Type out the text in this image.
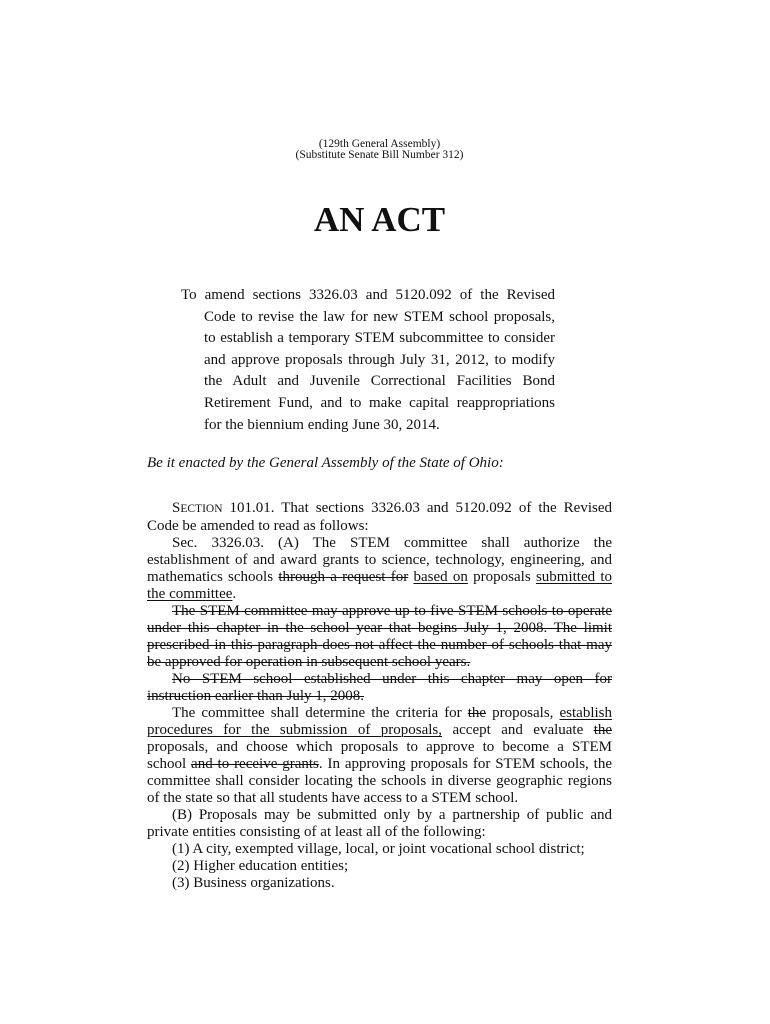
(129th General Assembly)
(Substitute Senate Bill Number 312)
AN ACT
To amend sections 3326.03 and 5120.092 of the Revised
Code to revise the law for new STEM school proposals,
to establish a temporary STEM subcommittee to consider
and approve proposals through July 31, 2012, to modify
the Adult and Juvenile Correctional Facilities Bond
Retirement Fund, and to make capital reappropriations
for the biennium ending June 30, 2014.
Be it enacted by the General Assembly of the State of Ohio:
SECTION 101.01. That sections 3326.03 and 5120.092 of the Revised
Code be amended to read as follows:
Sec. 3326.03. (A) The STEM committee shall authorize the
establishment of and award grants to science, technology, engineering, and
mathematics schools through a request for based on proposals submitted to
the committee.
The STEM committee may approve up to five STEM schools to operate
under this chapter in the school year that begins July 1, 2008. The limit
prescribed in this paragraph does not affect the number of schools that may
be approved for operation in subsequent school years.
No STEM school established under this chapter may open for
instruction earlier than July 1, 2008.
The committee shall determine the criteria for the proposals, establish
procedures for the submission of proposals, accept and evaluate the
proposals, and choose which proposals to approve to become a STEM
school and to receive grants. In approving proposals for STEM schools, the
committee shall consider locating the schools in diverse geographic regions
of the state so that all students have access to a STEM school.
(B) Proposals may be submitted only by a partnership of public and
private entities consisting of at least all of the following:
(1) A city, exempted village, local, or joint vocational school district;
(2) Higher education entities;
(3) Business organizations.
